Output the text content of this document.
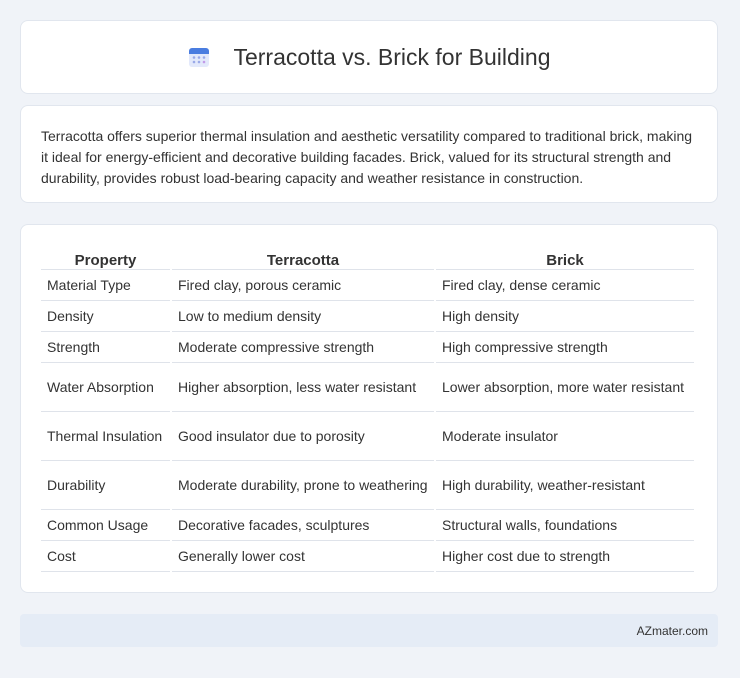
Terracotta vs. Brick for Building

Terracotta offers superior thermal insulation and aesthetic versatility compared to traditional brick, making it ideal for energy-efficient and decorative building facades. Brick, valued for its structural strength and durability, provides robust load-bearing capacity and weather resistance in construction.

Property	Terracotta	Brick
Material Type	Fired clay, porous ceramic	Fired clay, dense ceramic
Density	Low to medium density	High density
Strength	Moderate compressive strength	High compressive strength
Water Absorption	Higher absorption, less water resistant	Lower absorption, more water resistant
Thermal Insulation	Good insulator due to porosity	Moderate insulator
Durability	Moderate durability, prone to weathering	High durability, weather-resistant
Common Usage	Decorative facades, sculptures	Structural walls, foundations
Cost	Generally lower cost	Higher cost due to strength
AZmater.com
